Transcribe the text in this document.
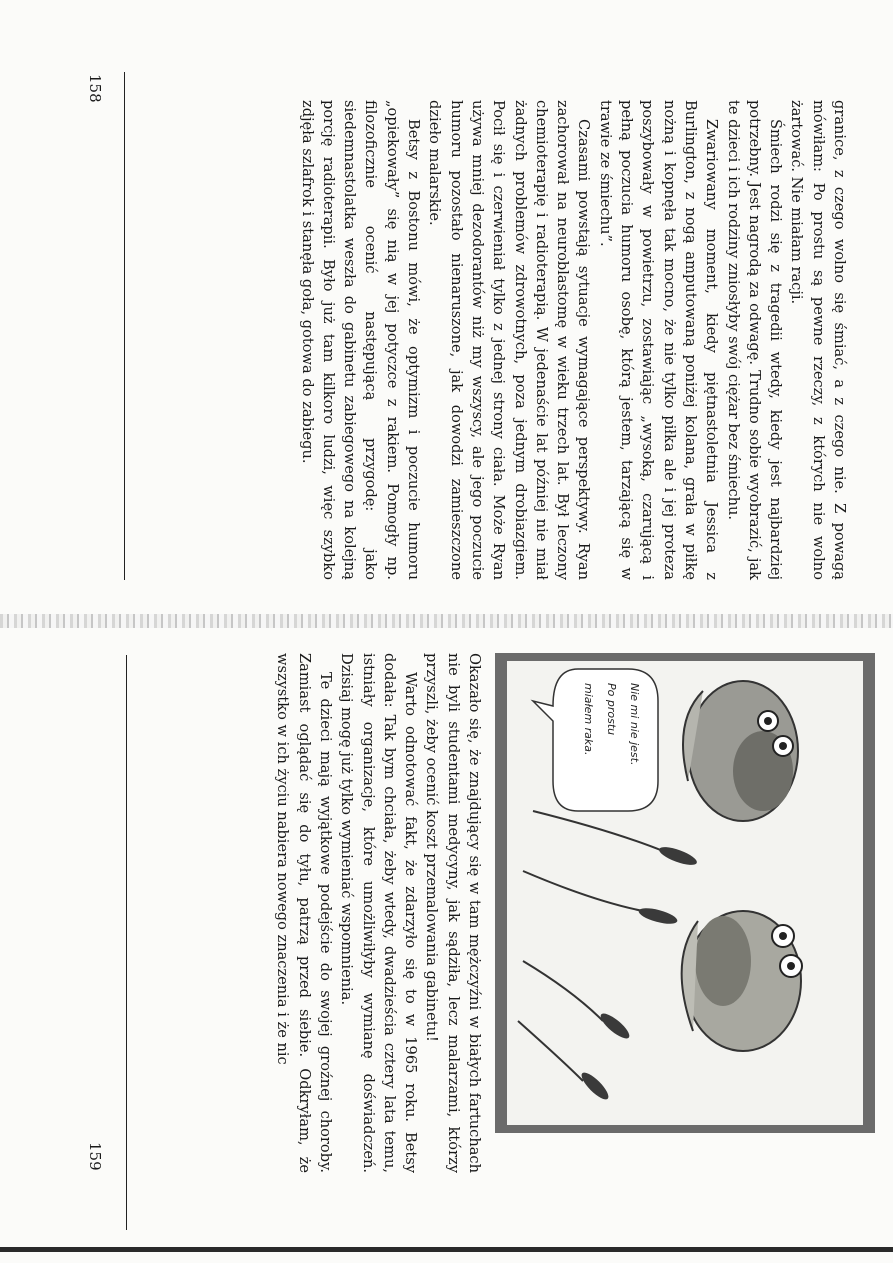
158
159

granice, z czego wolno się śmiać, a z czego nie. Z powagą mówiłam: Po prostu są pewne rzeczy, z których nie wolno żartować. Nie miałam racji.

Śmiech rodzi się z tragedii wtedy, kiedy jest najbardziej potrzebny. Jest nagrodą za odwagę. Trudno sobie wyobrazić, jak te dzieci i ich rodziny zniosłyby swój ciężar bez śmiechu.

Zwariowany moment, kiedy piętnastoletnia Jessica z Burlington, z nogą amputowaną poniżej kolana, grała w piłkę nożną i kopnęła tak mocno, że nie tylko piłka ale i jej proteza poszybowały w powietrzu, zostawiając „wysoką, czarującą i pełną poczucia humoru osobę, którą jestem, tarzającą się w trawie ze śmiechu”.

Czasami powstają sytuacje wymagające perspektywy. Ryan zachorował na neuroblastomę w wieku trzech lat. Był leczony chemioterapię i radioterapią. W jedenaście lat później nie miał żadnych problemów zdrowotnych, poza jednym drobiazgiem. Pocił się i czerwieniał tylko z jednej strony ciała. Może Ryan używa mniej dezodorantów niż my wszyscy, ale jego poczucie humoru pozostało nienaruszone, jak dowodzi zamieszczone dzieło malarskie.

Betsy z Bostonu mówi, że optymizm i poczucie humoru „opiekowały” się nią w jej potyczce z rakiem. Pomogły np. filozoficznie ocenić następującą przygodę: jako siedemnastolatka weszła do gabinetu zabiegowego na kolejną porcję radioterapii. Było już tam kilkoro ludzi, więc szybko zdjęła szlafrok i stanęła goła, gotowa do zabiegu.

Nie mi nie jest.
Po prostu
miałem raka.

Okazało się, że znajdujący się w tam mężczyźni w białych fartuchach nie byli studentami medycyny, jak sądziła, lecz malarzami, którzy przyszli, żeby ocenić koszt przemalowania gabinetu!

Warto odnotować fakt, że zdarzyło się to w 1965 roku. Betsy dodała: Tak bym chciała, żeby wtedy, dwadzieścia cztery lata temu, istniały organizacje, które umożliwiłyby wymianę doświadczeń. Dzisiaj mogę już tylko wymieniać wspomnienia.

Te dzieci mają wyjątkowe podejście do swojej groźnej choroby. Zamiast oglądać się do tyłu, patrzą przed siebie. Odkryłam, że wszystko w ich życiu nabiera nowego znaczenia i że nic
